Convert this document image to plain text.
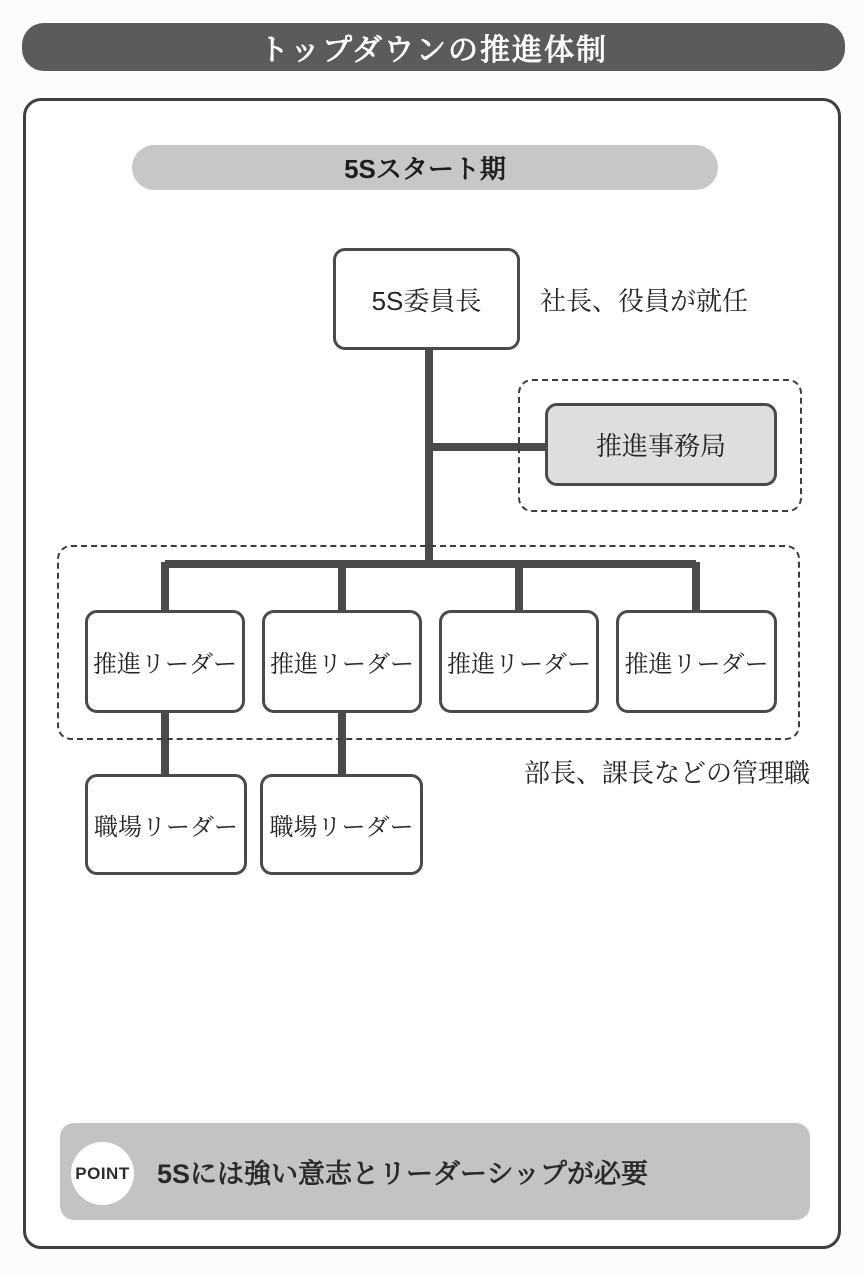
トップダウンの推進体制
5Sスタート期
5S委員長 社長、役員が就任
推進事務局
推進リーダー 推進リーダー 推進リーダー 推進リーダー
部長、課長などの管理職
職場リーダー 職場リーダー
POINT 5Sには強い意志とリーダーシップが必要
